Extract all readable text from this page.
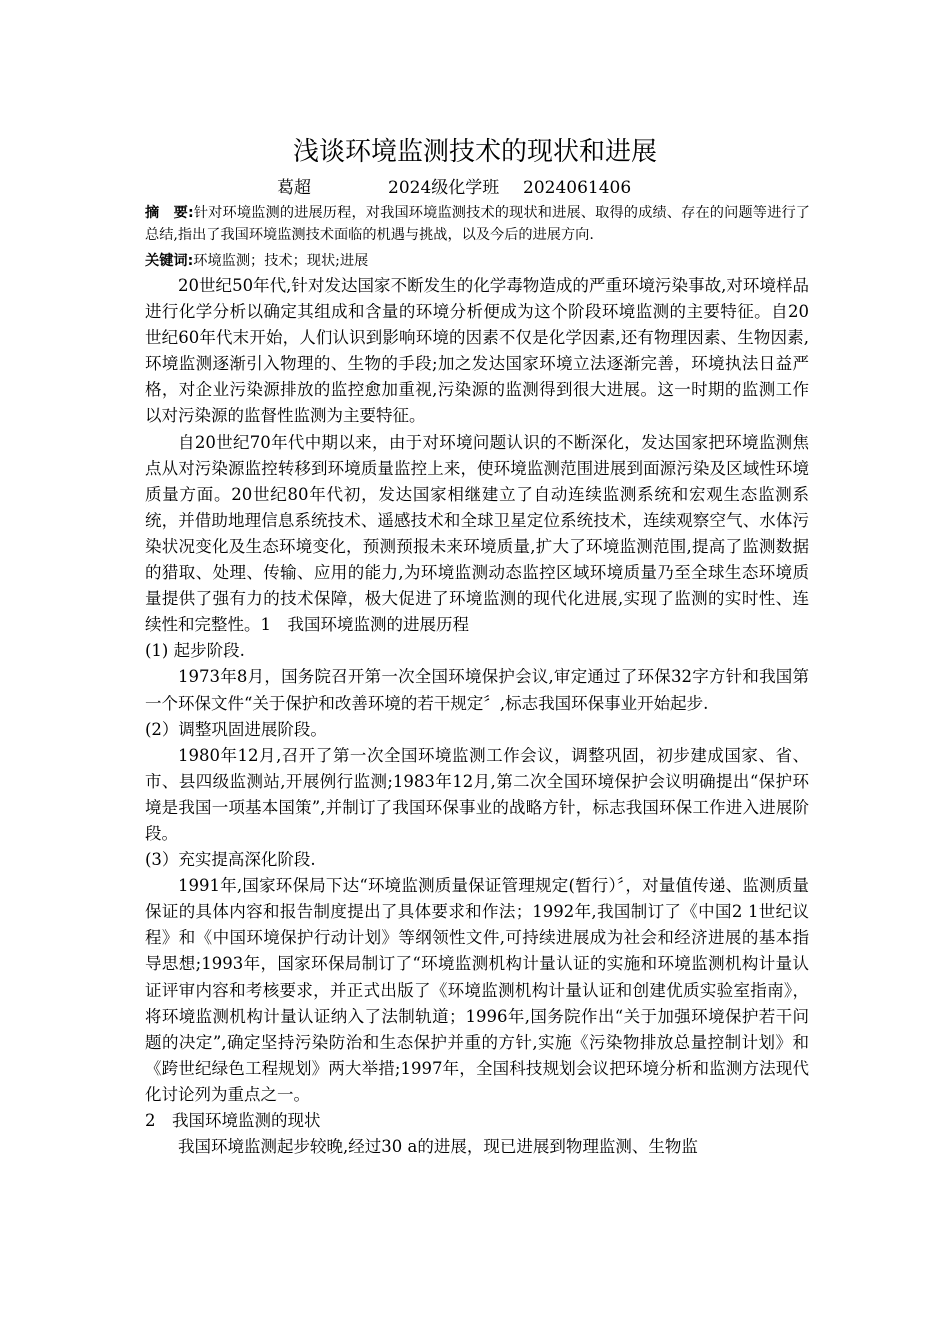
浅谈环境监测技术的现状和进展
葛超	2024级化学班 2024061406
摘　要:针对环境监测的进展历程，对我国环境监测技术的现状和进展、取得的成绩、存在的问题等进行了总结,指出了我国环境监测技术面临的机遇与挑战，以及今后的进展方向.
关键词:环境监测；技术；现状;进展

20世纪50年代,针对发达国家不断发生的化学毒物造成的严重环境污染事故,对环境样品进行化学分析以确定其组成和含量的环境分析便成为这个阶段环境监测的主要特征。自20世纪60年代末开始，人们认识到影响环境的因素不仅是化学因素,还有物理因素、生物因素,环境监测逐渐引入物理的、生物的手段;加之发达国家环境立法逐渐完善，环境执法日益严格，对企业污染源排放的监控愈加重视,污染源的监测得到很大进展。这一时期的监测工作以对污染源的监督性监测为主要特征。

自20世纪70年代中期以来，由于对环境问题认识的不断深化，发达国家把环境监测焦点从对污染源监控转移到环境质量监控上来，使环境监测范围进展到面源污染及区域性环境质量方面。20世纪80年代初，发达国家相继建立了自动连续监测系统和宏观生态监测系统，并借助地理信息系统技术、遥感技术和全球卫星定位系统技术，连续观察空气、水体污染状况变化及生态环境变化，预测预报未来环境质量,扩大了环境监测范围,提高了监测数据的猎取、处理、传输、应用的能力,为环境监测动态监控区域环境质量乃至全球生态环境质量提供了强有力的技术保障，极大促进了环境监测的现代化进展,实现了监测的实时性、连续性和完整性。1　我国环境监测的进展历程

(1) 起步阶段.

1973年8月，国务院召开第一次全国环境保护会议,审定通过了环保32字方针和我国第一个环保文件“关于保护和改善环境的若干规定〞,标志我国环保事业开始起步.

(2）调整巩固进展阶段。

1980年12月,召开了第一次全国环境监测工作会议，调整巩固，初步建成国家、省、市、县四级监测站,开展例行监测;1983年12月,第二次全国环境保护会议明确提出“保护环境是我国一项基本国策”,并制订了我国环保事业的战略方针，标志我国环保工作进入进展阶段。

(3）充实提高深化阶段.

1991年,国家环保局下达“环境监测质量保证管理规定(暂行）〞，对量值传递、监测质量保证的具体内容和报告制度提出了具体要求和作法；1992年,我国制订了《中国2 1世纪议程》和《中国环境保护行动计划》等纲领性文件,可持续进展成为社会和经济进展的基本指导思想;1993年，国家环保局制订了“环境监测机构计量认证的实施和环境监测机构计量认证评审内容和考核要求，并正式出版了《环境监测机构计量认证和创建优质实验室指南》，将环境监测机构计量认证纳入了法制轨道；1996年,国务院作出“关于加强环境保护若干问题的决定”,确定坚持污染防治和生态保护并重的方针,实施《污染物排放总量控制计划》和《跨世纪绿色工程规划》两大举措;1997年，全国科技规划会议把环境分析和监测方法现代化讨论列为重点之一。

2　我国环境监测的现状

我国环境监测起步较晚,经过30 a的进展，现已进展到物理监测、生物监
